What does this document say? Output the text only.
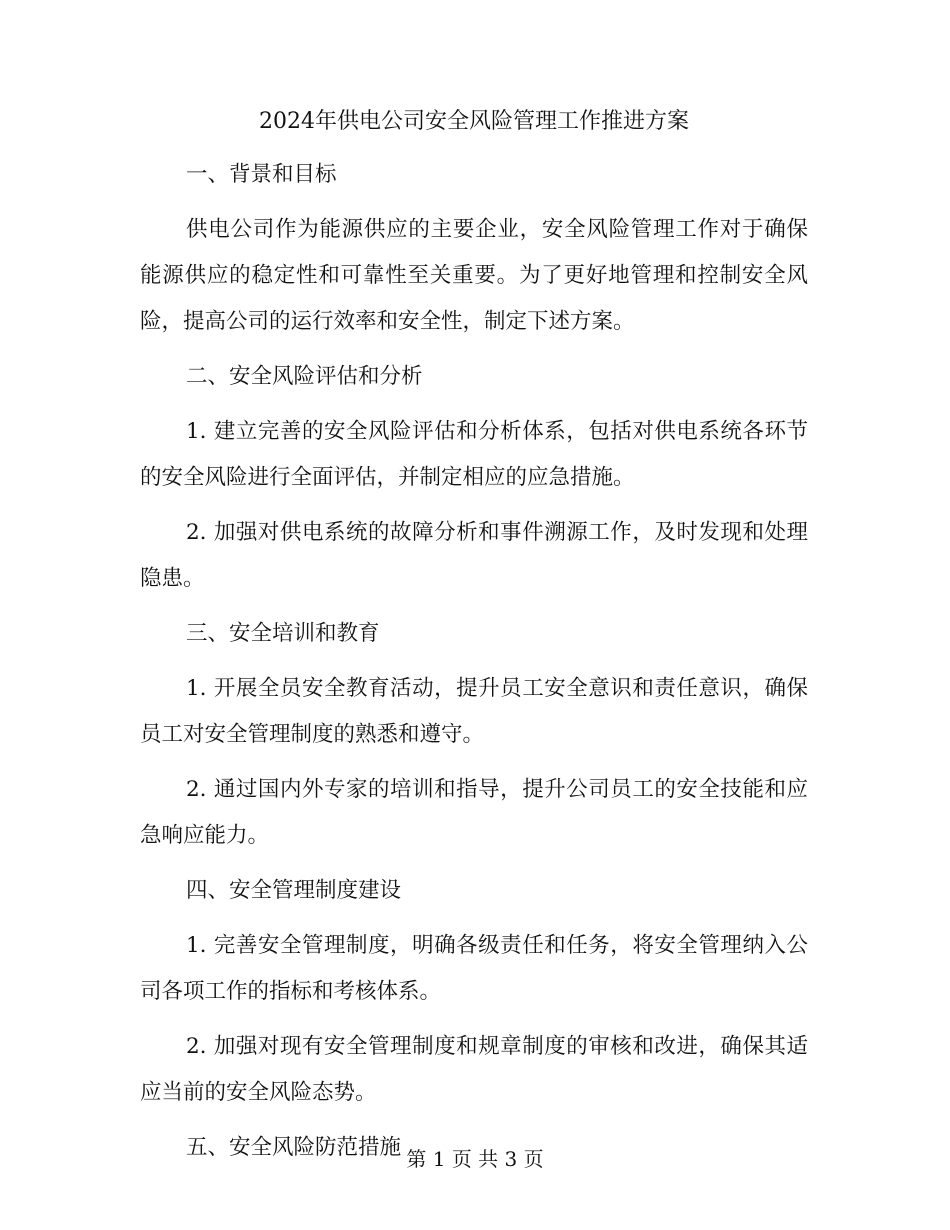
2024年供电公司安全风险管理工作推进方案

一、背景和目标

供电公司作为能源供应的主要企业，安全风险管理工作对于确保能源供应的稳定性和可靠性至关重要。为了更好地管理和控制安全风险，提高公司的运行效率和安全性，制定下述方案。

二、安全风险评估和分析

1. 建立完善的安全风险评估和分析体系，包括对供电系统各环节的安全风险进行全面评估，并制定相应的应急措施。

2. 加强对供电系统的故障分析和事件溯源工作，及时发现和处理隐患。

三、安全培训和教育

1. 开展全员安全教育活动，提升员工安全意识和责任意识，确保员工对安全管理制度的熟悉和遵守。

2. 通过国内外专家的培训和指导，提升公司员工的安全技能和应急响应能力。

四、安全管理制度建设

1. 完善安全管理制度，明确各级责任和任务，将安全管理纳入公司各项工作的指标和考核体系。

2. 加强对现有安全管理制度和规章制度的审核和改进，确保其适应当前的安全风险态势。

五、安全风险防范措施 第 1 页 共 3 页
